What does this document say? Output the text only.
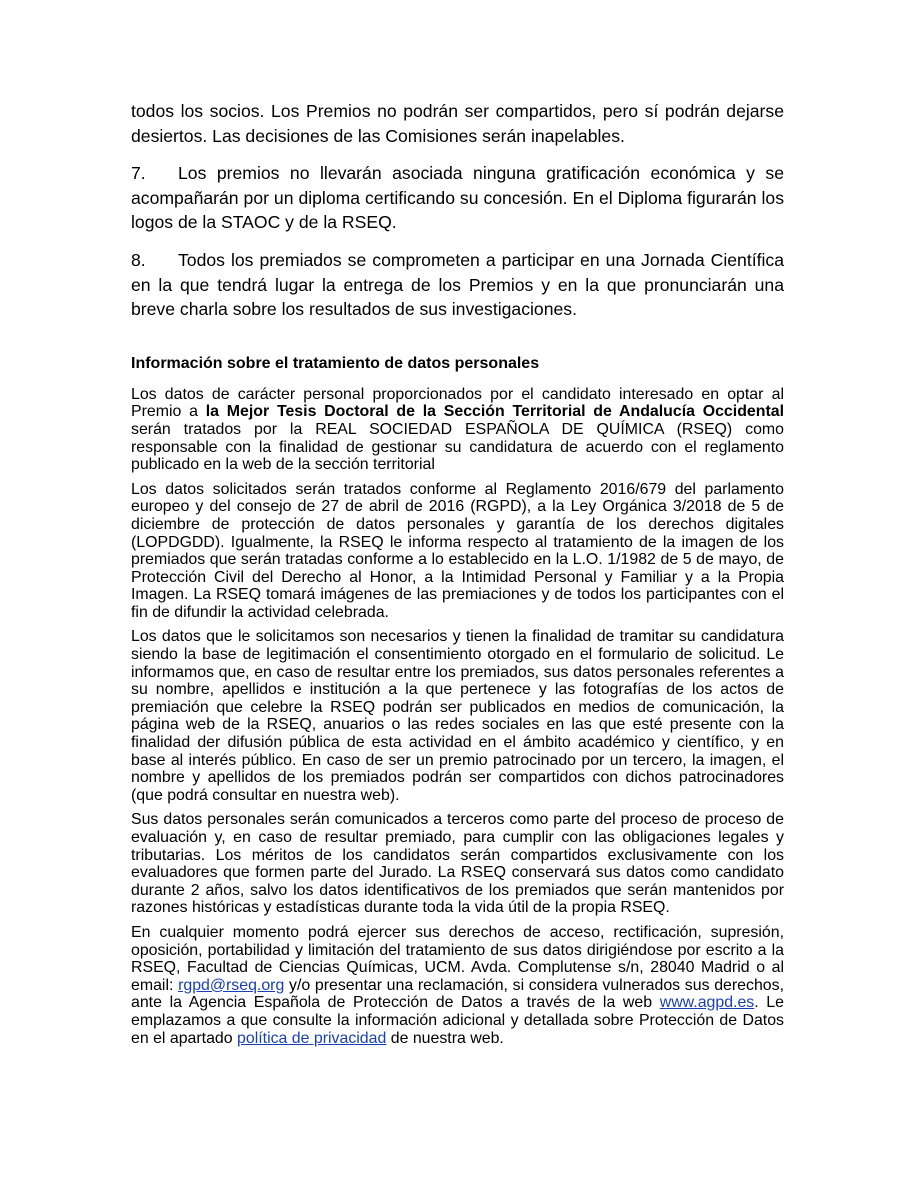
todos los socios. Los Premios no podrán ser compartidos, pero sí podrán dejarse desiertos. Las decisiones de las Comisiones serán inapelables.

7. Los premios no llevarán asociada ninguna gratificación económica y se acompañarán por un diploma certificando su concesión. En el Diploma figurarán los logos de la STAOC y de la RSEQ.

8. Todos los premiados se comprometen a participar en una Jornada Científica en la que tendrá lugar la entrega de los Premios y en la que pronunciarán una breve charla sobre los resultados de sus investigaciones.

Información sobre el tratamiento de datos personales

Los datos de carácter personal proporcionados por el candidato interesado en optar al Premio a la Mejor Tesis Doctoral de la Sección Territorial de Andalucía Occidental serán tratados por la REAL SOCIEDAD ESPAÑOLA DE QUÍMICA (RSEQ) como responsable con la finalidad de gestionar su candidatura de acuerdo con el reglamento publicado en la web de la sección territorial

Los datos solicitados serán tratados conforme al Reglamento 2016/679 del parlamento europeo y del consejo de 27 de abril de 2016 (RGPD), a la Ley Orgánica 3/2018 de 5 de diciembre de protección de datos personales y garantía de los derechos digitales (LOPDGDD). Igualmente, la RSEQ le informa respecto al tratamiento de la imagen de los premiados que serán tratadas conforme a lo establecido en la L.O. 1/1982 de 5 de mayo, de Protección Civil del Derecho al Honor, a la Intimidad Personal y Familiar y a la Propia Imagen. La RSEQ tomará imágenes de las premiaciones y de todos los participantes con el fin de difundir la actividad celebrada.

Los datos que le solicitamos son necesarios y tienen la finalidad de tramitar su candidatura siendo la base de legitimación el consentimiento otorgado en el formulario de solicitud. Le informamos que, en caso de resultar entre los premiados, sus datos personales referentes a su nombre, apellidos e institución a la que pertenece y las fotografías de los actos de premiación que celebre la RSEQ podrán ser publicados en medios de comunicación, la página web de la RSEQ, anuarios o las redes sociales en las que esté presente con la finalidad der difusión pública de esta actividad en el ámbito académico y científico, y en base al interés público. En caso de ser un premio patrocinado por un tercero, la imagen, el nombre y apellidos de los premiados podrán ser compartidos con dichos patrocinadores (que podrá consultar en nuestra web).

Sus datos personales serán comunicados a terceros como parte del proceso de proceso de evaluación y, en caso de resultar premiado, para cumplir con las obligaciones legales y tributarias. Los méritos de los candidatos serán compartidos exclusivamente con los evaluadores que formen parte del Jurado. La RSEQ conservará sus datos como candidato durante 2 años, salvo los datos identificativos de los premiados que serán mantenidos por razones históricas y estadísticas durante toda la vida útil de la propia RSEQ.

En cualquier momento podrá ejercer sus derechos de acceso, rectificación, supresión, oposición, portabilidad y limitación del tratamiento de sus datos dirigiéndose por escrito a la RSEQ, Facultad de Ciencias Químicas, UCM. Avda. Complutense s/n, 28040 Madrid o al email: rgpd@rseq.org y/o presentar una reclamación, si considera vulnerados sus derechos, ante la Agencia Española de Protección de Datos a través de la web www.agpd.es. Le emplazamos a que consulte la información adicional y detallada sobre Protección de Datos en el apartado política de privacidad de nuestra web.
